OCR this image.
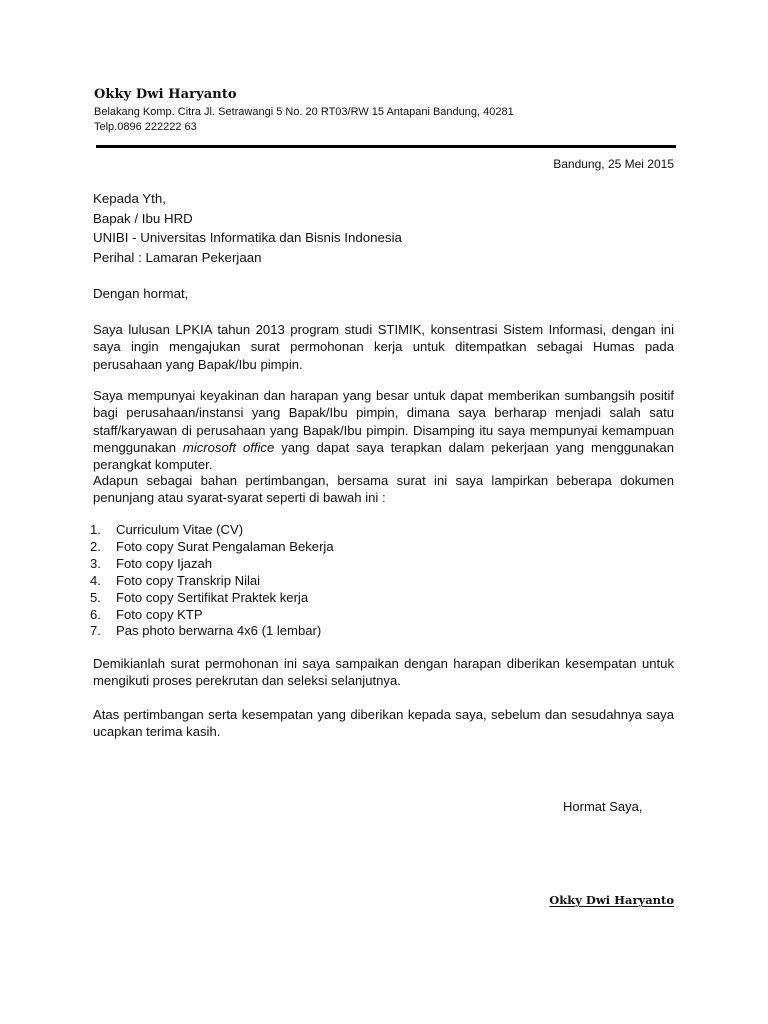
Okky Dwi Haryanto
Belakang Komp. Citra Jl. Setrawangi 5 No. 20 RT03/RW 15 Antapani Bandung, 40281
Telp.0896 222222 63
Bandung, 25 Mei 2015
Kepada Yth,
Bapak / Ibu HRD
UNIBI - Universitas Informatika dan Bisnis Indonesia
Perihal : Lamaran Pekerjaan
Dengan hormat,
Saya lulusan LPKIA tahun 2013 program studi STIMIK, konsentrasi Sistem Informasi, dengan ini saya ingin mengajukan surat permohonan kerja untuk ditempatkan sebagai Humas pada perusahaan yang Bapak/Ibu pimpin.
Saya mempunyai keyakinan dan harapan yang besar untuk dapat memberikan sumbangsih positif bagi perusahaan/instansi yang Bapak/Ibu pimpin, dimana saya berharap menjadi salah satu staff/karyawan di perusahaan yang Bapak/Ibu pimpin. Disamping itu saya mempunyai kemampuan menggunakan microsoft office yang dapat saya terapkan dalam pekerjaan yang menggunakan perangkat komputer.
Adapun sebagai bahan pertimbangan, bersama surat ini saya lampirkan beberapa dokumen penunjang atau syarat-syarat seperti di bawah ini :
1. Curriculum Vitae (CV)
2. Foto copy Surat Pengalaman Bekerja
3. Foto copy Ijazah
4. Foto copy Transkrip Nilai
5. Foto copy Sertifikat Praktek kerja
6. Foto copy KTP
7. Pas photo berwarna 4x6 (1 lembar)
Demikianlah surat permohonan ini saya sampaikan dengan harapan diberikan kesempatan untuk mengikuti proses perekrutan dan seleksi selanjutnya.
Atas pertimbangan serta kesempatan yang diberikan kepada saya, sebelum dan sesudahnya saya ucapkan terima kasih.
Hormat Saya,
Okky Dwi Haryanto
